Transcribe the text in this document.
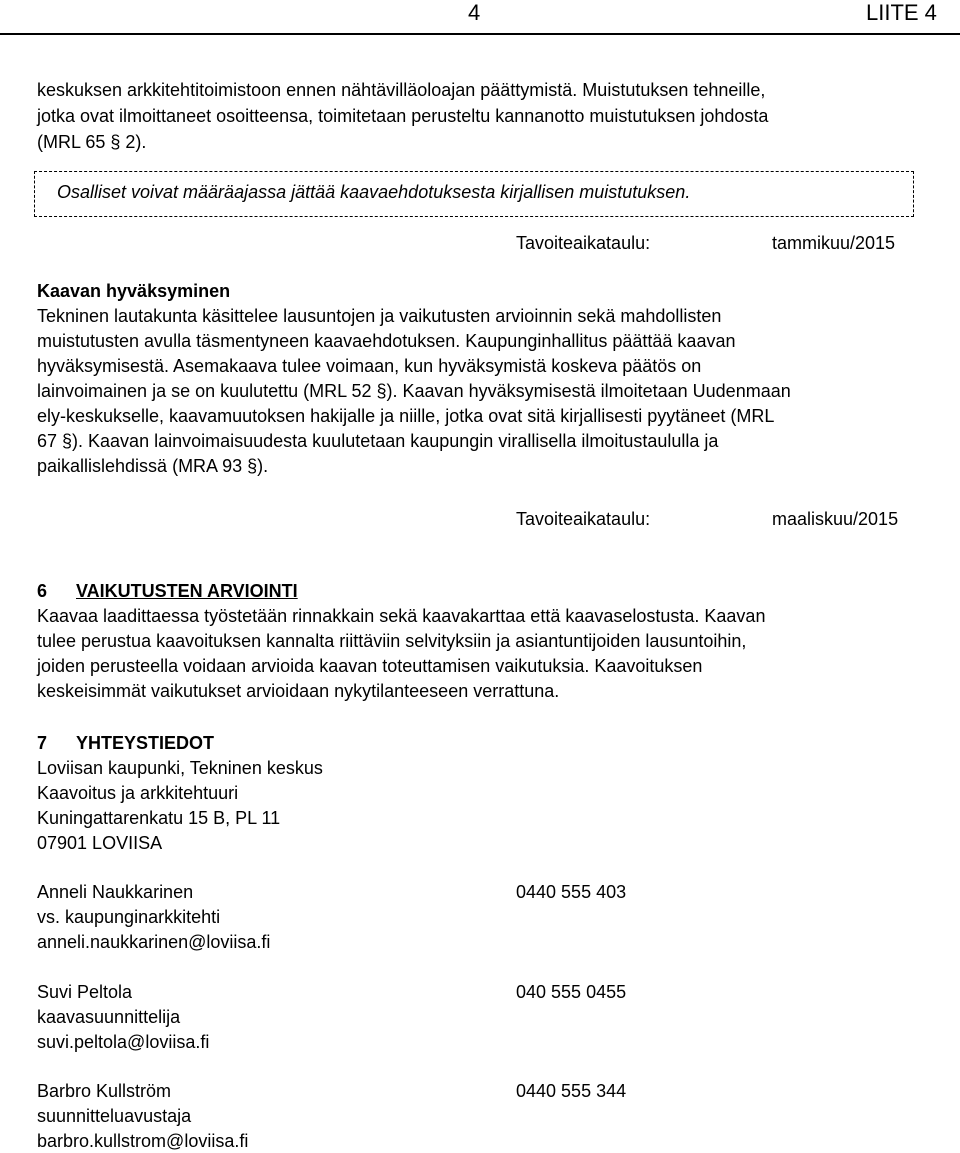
4	LIITE 4
keskuksen arkkitehtitoimistoon ennen nähtävilläoloajan päättymistä. Muistutuksen tehneille,
jotka ovat ilmoittaneet osoitteensa, toimitetaan perusteltu kannanotto muistutuksen johdosta
(MRL 65 § 2).
Osalliset voivat määräajassa jättää kaavaehdotuksesta kirjallisen muistutuksen.
Tavoiteaikataulu:	tammikuu/2015
Kaavan hyväksyminen
Tekninen lautakunta käsittelee lausuntojen ja vaikutusten arvioinnin sekä mahdollisten
muistutusten avulla täsmentyneen kaavaehdotuksen. Kaupunginhallitus päättää kaavan
hyväksymisestä. Asemakaava tulee voimaan, kun hyväksymistä koskeva päätös on
lainvoimainen ja se on kuulutettu (MRL 52 §). Kaavan hyväksymisestä ilmoitetaan Uudenmaan
ely-keskukselle, kaavamuutoksen hakijalle ja niille, jotka ovat sitä kirjallisesti pyytäneet (MRL
67 §). Kaavan lainvoimaisuudesta kuulutetaan kaupungin virallisella ilmoitustaululla ja
paikallislehdissä (MRA 93 §).
Tavoiteaikataulu:	maaliskuu/2015
6 VAIKUTUSTEN ARVIOINTI
Kaavaa laadittaessa työstetään rinnakkain sekä kaavakarttaa että kaavaselostusta. Kaavan
tulee perustua kaavoituksen kannalta riittäviin selvityksiin ja asiantuntijoiden lausuntoihin,
joiden perusteella voidaan arvioida kaavan toteuttamisen vaikutuksia. Kaavoituksen
keskeisimmät vaikutukset arvioidaan nykytilanteeseen verrattuna.
7 YHTEYSTIEDOT
Loviisan kaupunki, Tekninen keskus
Kaavoitus ja arkkitehtuuri
Kuningattarenkatu 15 B, PL 11
07901 LOVIISA
Anneli Naukkarinen	0440 555 403
vs. kaupunginarkkitehti
anneli.naukkarinen@loviisa.fi
Suvi Peltola	040 555 0455
kaavasuunnittelija
suvi.peltola@loviisa.fi
Barbro Kullström	0440 555 344
suunnitteluavustaja
barbro.kullstrom@loviisa.fi
